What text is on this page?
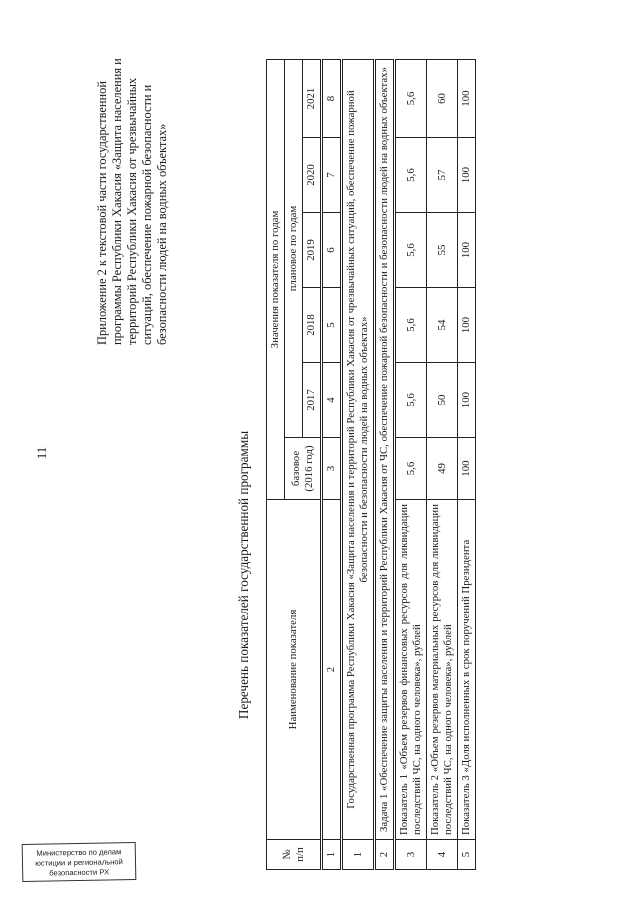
11
Министерство по делам
юстиции и региональной
безопасности РХ
Приложение 2 к текстовой части государственной программы Республики Хакасия «Защита населения и территорий Республики Хакасия от чрезвычайных ситуаций, обеспечение пожарной безопасности и безопасности людей на водных объектах»
Перечень показателей государственной программы
№ п/п	Наименование показателя	Значения показателя по годам					
		базовое (2016 год)	плановое по годам				
			2017	2018	2019	2020	2021
1	2	3	4	5	6	7	8
1	Государственная программа Республики Хакасия «Защита населения и территорий Республики Хакасия от чрезвычайных ситуаций, обеспечение пожарной безопасности и безопасности людей на водных объектах»						
2	Задача 1 «Обеспечение защиты населения и территорий Республики Хакасия от ЧС, обеспечение пожарной безопасности и безопасности людей на водных объектах»						
3	Показатель 1 «Объем резервов финансовых ресурсов для ликвидации последствий ЧС, на одного человека», рублей	5,6	5,6	5,6	5,6	5,6	5,6
4	Показатель 2 «Объем резервов материальных ресурсов для ликвидации последствий ЧС, на одного человека», рублей	49	50	54	55	57	60
5	Показатель 3 «Доля исполненных в срок поручений Президента	100	100	100	100	100	100
